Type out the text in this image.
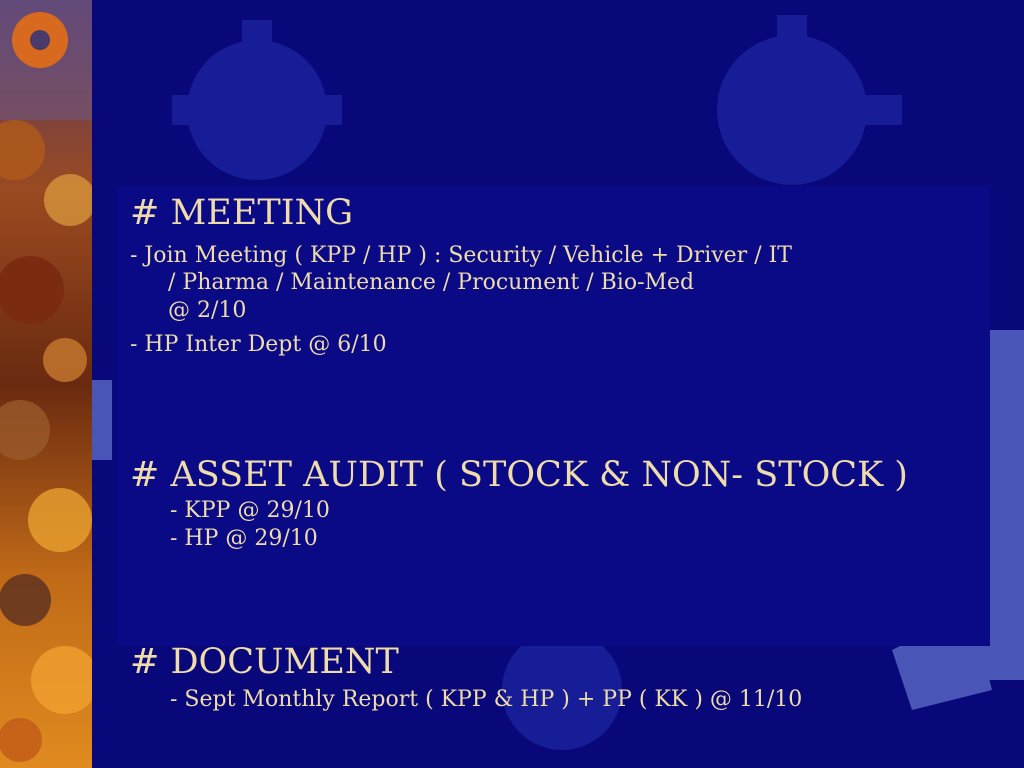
# MEETING
- Join Meeting ( KPP / HP ) : Security / Vehicle + Driver / IT
/ Pharma / Maintenance / Procument / Bio-Med
@ 2/10
- HP Inter Dept @ 6/10
# ASSET AUDIT ( STOCK & NON- STOCK )
- KPP @ 29/10
- HP @ 29/10
# DOCUMENT
- Sept Monthly Report ( KPP & HP ) + PP ( KK ) @ 11/10
